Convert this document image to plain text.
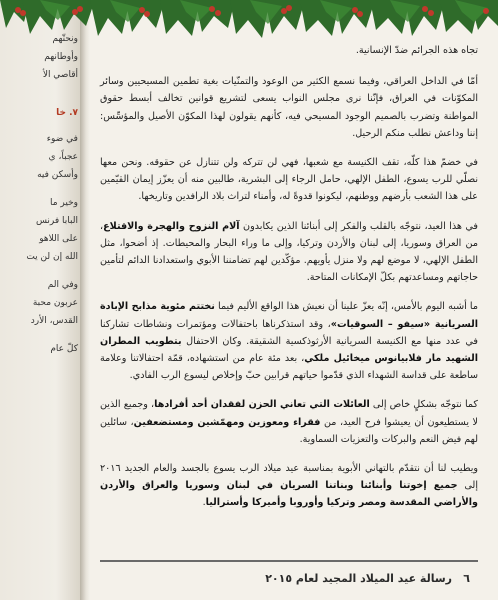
ونحتّهم
وأوطانهم
أقاصي الأ
٧. خا
في ضوء
عجباً، ي
وأسكن فيه
وخير ما
البابا فرنس
على اللاهو
الله إن لن يت
وفي الم
عربون محبة
القدس، الأرد
كلّ عام

تجاه هذه الجرائم ضدّ الإنسانية.

أمّا في الداخل العراقي، وفيما نسمع الكثير من الوعود والتمنّيات بغية تطمين المسيحيين وسائر المكوّنات في العراق، فإنّنا نرى مجلس النواب يسعى لتشريع قوانين تخالف أبسط حقوق المواطنة وتضرب بالصميم الوجود المسيحي فيه، كأنهم يقولون لهذا المكوّن الأصيل والمؤسِّس: إننا وداعش نطلب منكم الرحيل.

في خضمّ هذا كلّه، تقف الكنيسة مع شعبها، فهي لن تتركه ولن تتنازل عن حقوقه. ونحن معها نصلّي للرب يسوع، الطفل الإلهي، حامل الرجاء إلى البشرية، طالبين منه أن يعزّز إيمان القيّمين على هذا الشعب بأرضهم ووطنهم، ليكونوا قدوةً له، وأمناء لتراث بلاد الرافدين وتاريخها.

في هذا العيد، نتوجّه بالقلب والفكر إلى أبنائنا الذين يكابدون آلام النزوح والهجرة والاقتلاع، من العراق وسوريا، إلى لبنان والأردن وتركيا، وإلى ما وراء البحار والمحيطات. إذ أضحوا، مثل الطفل الإلهي، لا موضع لهم ولا منزل يأويهم. مؤكّدين لهم تضامننا الأبوي واستعدادنا الدائم لتأمين حاجاتهم ومساعدتهم بكلّ الإمكانات المتاحة.

ما أشبه اليوم بالأمس، إنّه يعزّ علينا أن نعيش هذا الواقع الأليم فيما نختتم مئوية مذابح الإبادة السريانية «سيفو – السوقيات»، وقد استذكرناها باحتفالات ومؤتمرات ونشاطات تشاركنا في عدد منها مع الكنيسة السريانية الأرثوذكسية الشقيقة. وكان الاحتفال بتطويب المطران الشهيد مار فلابيانوس ميخائيل ملكي، بعد مئة عام من استشهاده، قمّة احتفالاتنا وعلامة ساطعة على قداسة الشهداء الذي قدّموا حياتهم قرابين حبّ وإخلاص ليسوع الرب الفادي.

كما نتوجّه بشكلٍ خاص إلى العائلات التي تعاني الحزن لفقدان أحد أفرادها، وجميع الذين لا يستطيعون أن يعيشوا فرح العيد، من فقراء ومعوزين ومهمّشين ومستضعفين، سائلين لهم فيض النعم والبركات والتعزيات السماوية.

ويطيب لنا أن نتقدّم بالتهاني الأبوية بمناسبة عيد ميلاد الرب يسوع بالجسد والعام الجديد ٢٠١٦ إلى جميع إخوتنا وأبنائنا وبناتنا السريان في لبنان وسوريا والعراق والأردن والأراضي المقدسة ومصر وتركيا وأوروبا وأميركا وأستراليا.

٦
رسالة عيد الميلاد المجيد لعام ٢٠١٥
